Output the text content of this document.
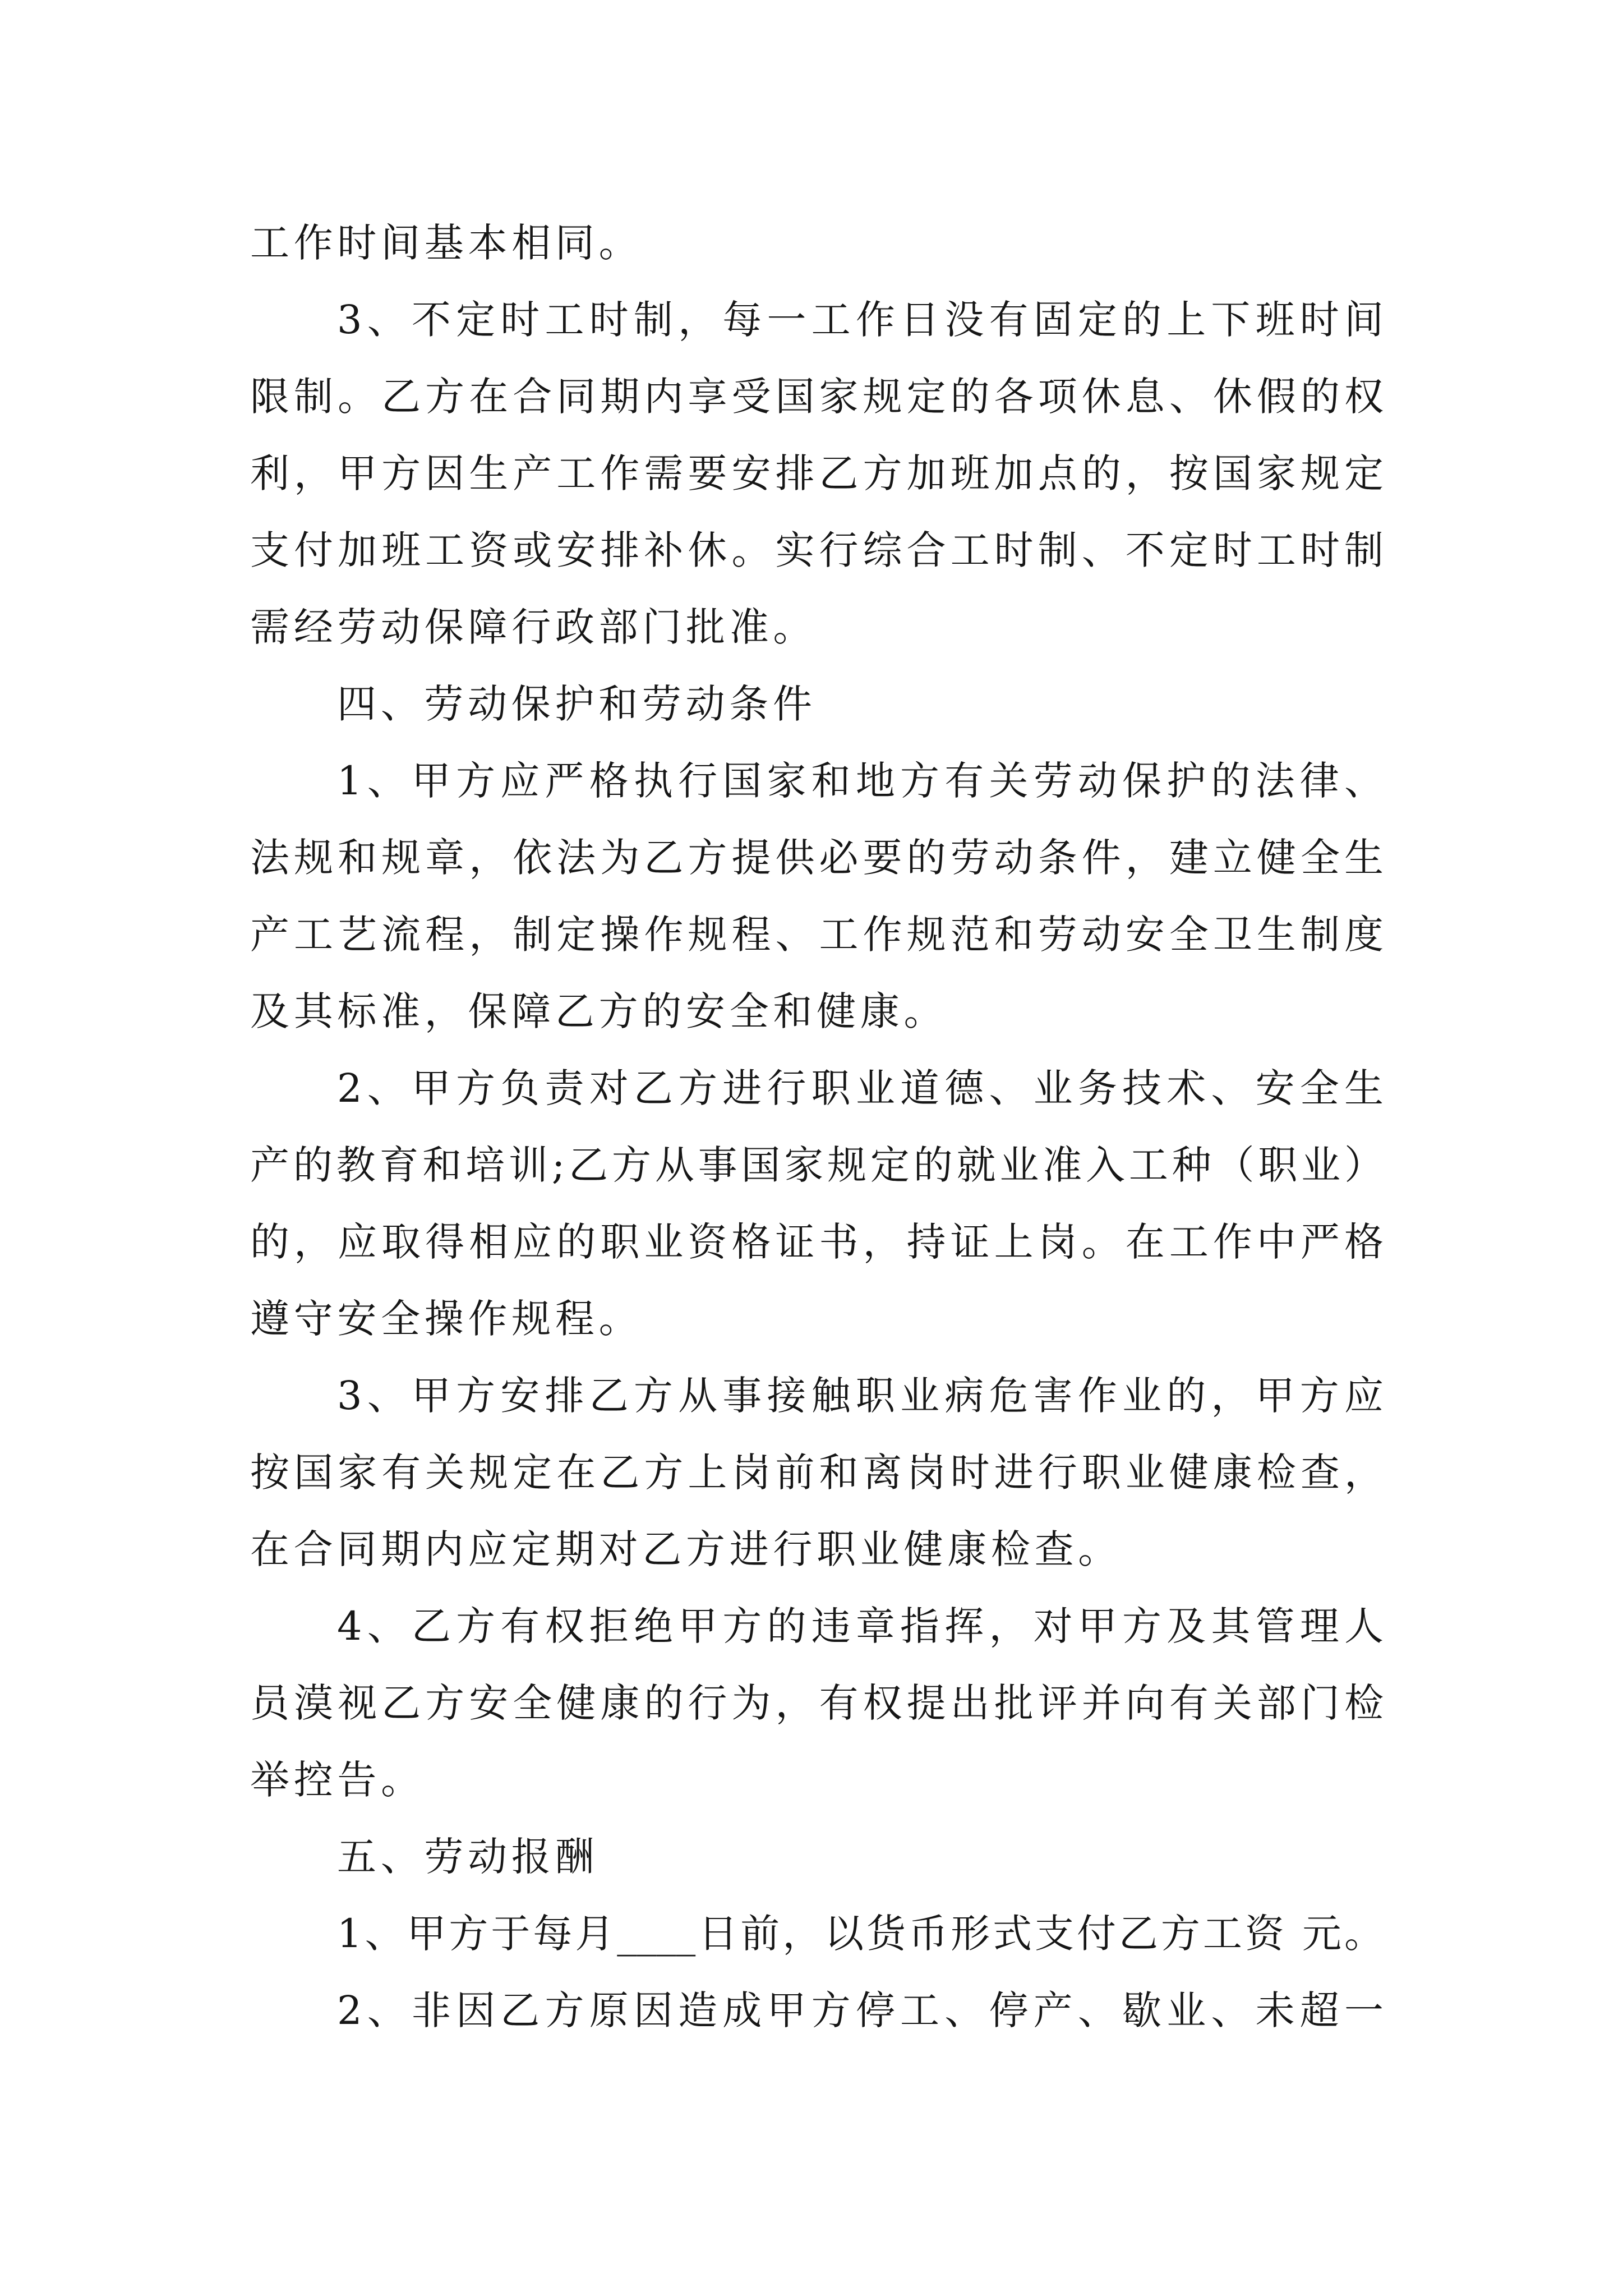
工作时间基本相同。
3、不定时工时制，每一工作日没有固定的上下班时间
限制。乙方在合同期内享受国家规定的各项休息、休假的权
利，甲方因生产工作需要安排乙方加班加点的，按国家规定
支付加班工资或安排补休。实行综合工时制、不定时工时制
需经劳动保障行政部门批准。
四、劳动保护和劳动条件
1、甲方应严格执行国家和地方有关劳动保护的法律、
法规和规章，依法为乙方提供必要的劳动条件，建立健全生
产工艺流程，制定操作规程、工作规范和劳动安全卫生制度
及其标准，保障乙方的安全和健康。
2、甲方负责对乙方进行职业道德、业务技术、安全生
产的教育和培训;乙方从事国家规定的就业准入工种（职业）
的，应取得相应的职业资格证书，持证上岗。在工作中严格
遵守安全操作规程。
3、甲方安排乙方从事接触职业病危害作业的，甲方应
按国家有关规定在乙方上岗前和离岗时进行职业健康检查，
在合同期内应定期对乙方进行职业健康检查。
4、乙方有权拒绝甲方的违章指挥，对甲方及其管理人
员漠视乙方安全健康的行为，有权提出批评并向有关部门检
举控告。
五、劳动报酬
1、甲方于每月____日前，以货币形式支付乙方工资 元。
2、非因乙方原因造成甲方停工、停产、歇业、未超一
